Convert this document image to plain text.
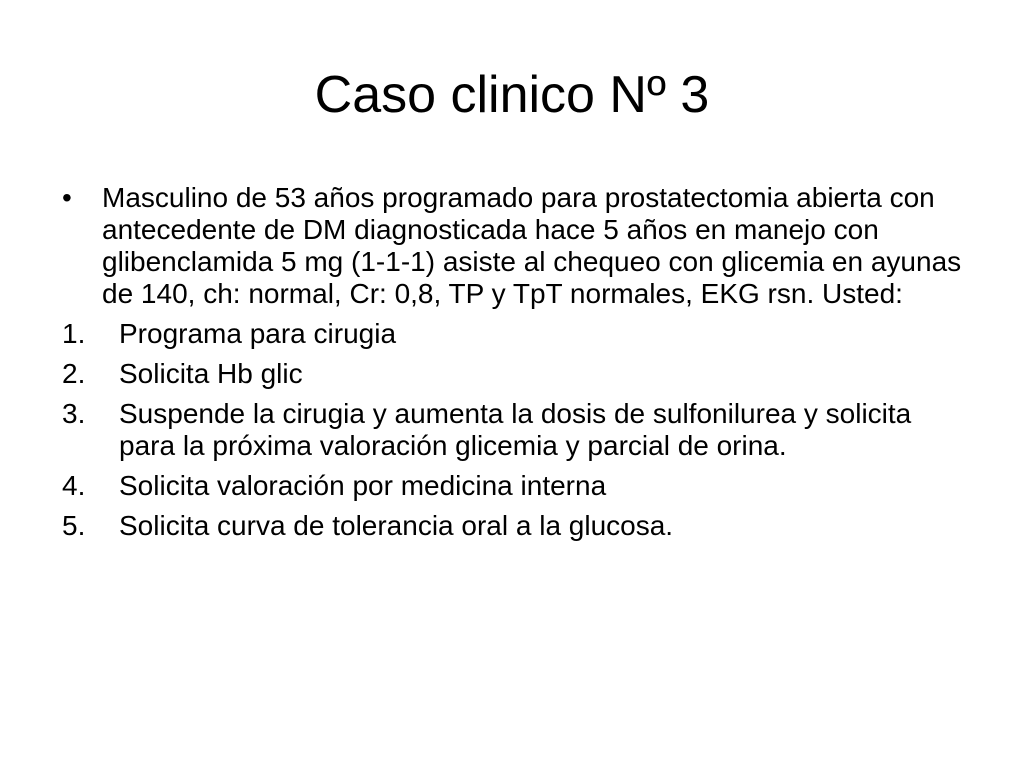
Caso clinico Nº 3
•	Masculino de 53 años programado para prostatectomia abierta con antecedente de DM diagnosticada hace 5 años en manejo con glibenclamida 5 mg (1-1-1) asiste al chequeo con glicemia en ayunas de 140, ch: normal, Cr: 0,8, TP y TpT normales, EKG rsn. Usted:
1.	Programa para cirugia
2.	Solicita Hb glic
3.	Suspende la cirugia y aumenta la dosis de sulfonilurea y solicita para la próxima valoración glicemia y parcial de orina.
4.	Solicita valoración por medicina interna
5.	Solicita curva de tolerancia oral a la glucosa.
